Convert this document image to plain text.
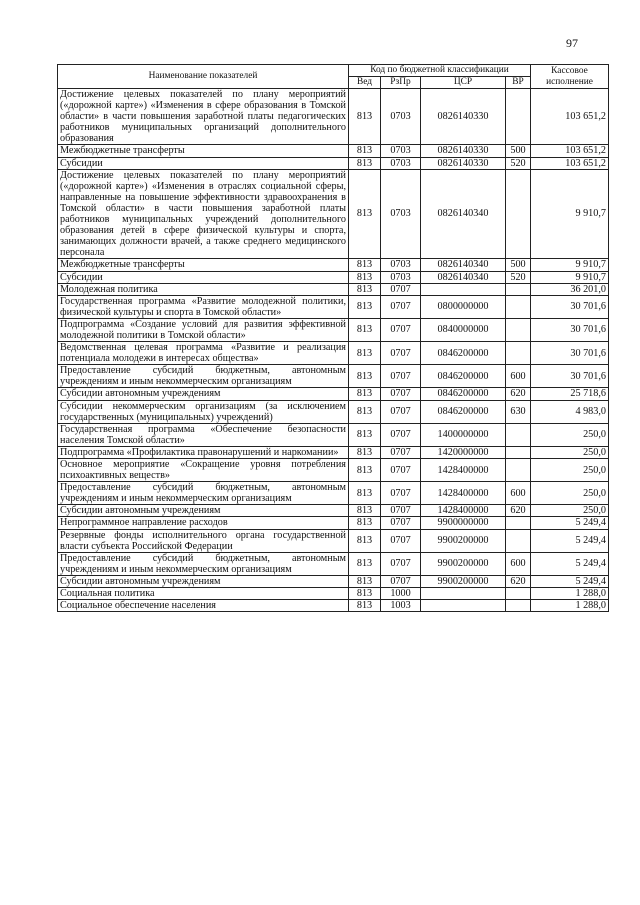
97
Наименование показателей	Код по бюджетной классификации				Кассовое исполнение
	Вед	РзПр	ЦСР	ВР	
Достижение целевых показателей по плану мероприятий («дорожной карте») «Изменения в сфере образования в Томской области» в части повышения заработной платы педагогических работников муниципальных организаций дополнительного образования	813	0703	0826140330		103 651,2
Межбюджетные трансферты	813	0703	0826140330	500	103 651,2
Субсидии	813	0703	0826140330	520	103 651,2
Достижение целевых показателей по плану мероприятий («дорожной карте») «Изменения в отраслях социальной сферы, направленные на повышение эффективности здравоохранения в Томской области» в части повышения заработной платы работников муниципальных учреждений дополнительного образования детей в сфере физической культуры и спорта, занимающих должности врачей, а также среднего медицинского персонала	813	0703	0826140340		9 910,7
Межбюджетные трансферты	813	0703	0826140340	500	9 910,7
Субсидии	813	0703	0826140340	520	9 910,7
Молодежная политика	813	0707			36 201,0
Государственная программа «Развитие молодежной политики, физической культуры и спорта в Томской области»	813	0707	0800000000		30 701,6
Подпрограмма «Создание условий для развития эффективной молодежной политики в Томской области»	813	0707	0840000000		30 701,6
Ведомственная целевая программа «Развитие и реализация потенциала молодежи в интересах общества»	813	0707	0846200000		30 701,6
Предоставление субсидий бюджетным, автономным учреждениям и иным некоммерческим организациям	813	0707	0846200000	600	30 701,6
Субсидии автономным учреждениям	813	0707	0846200000	620	25 718,6
Субсидии некоммерческим организациям (за исключением государственных (муниципальных) учреждений)	813	0707	0846200000	630	4 983,0
Государственная программа «Обеспечение безопасности населения Томской области»	813	0707	1400000000		250,0
Подпрограмма «Профилактика правонарушений и наркомании»	813	0707	1420000000		250,0
Основное мероприятие «Сокращение уровня потребления психоактивных веществ»	813	0707	1428400000		250,0
Предоставление субсидий бюджетным, автономным учреждениям и иным некоммерческим организациям	813	0707	1428400000	600	250,0
Субсидии автономным учреждениям	813	0707	1428400000	620	250,0
Непрограммное направление расходов	813	0707	9900000000		5 249,4
Резервные фонды исполнительного органа государственной власти субъекта Российской Федерации	813	0707	9900200000		5 249,4
Предоставление субсидий бюджетным, автономным учреждениям и иным некоммерческим организациям	813	0707	9900200000	600	5 249,4
Субсидии автономным учреждениям	813	0707	9900200000	620	5 249,4
Социальная политика	813	1000			1 288,0
Социальное обеспечение населения	813	1003			1 288,0
